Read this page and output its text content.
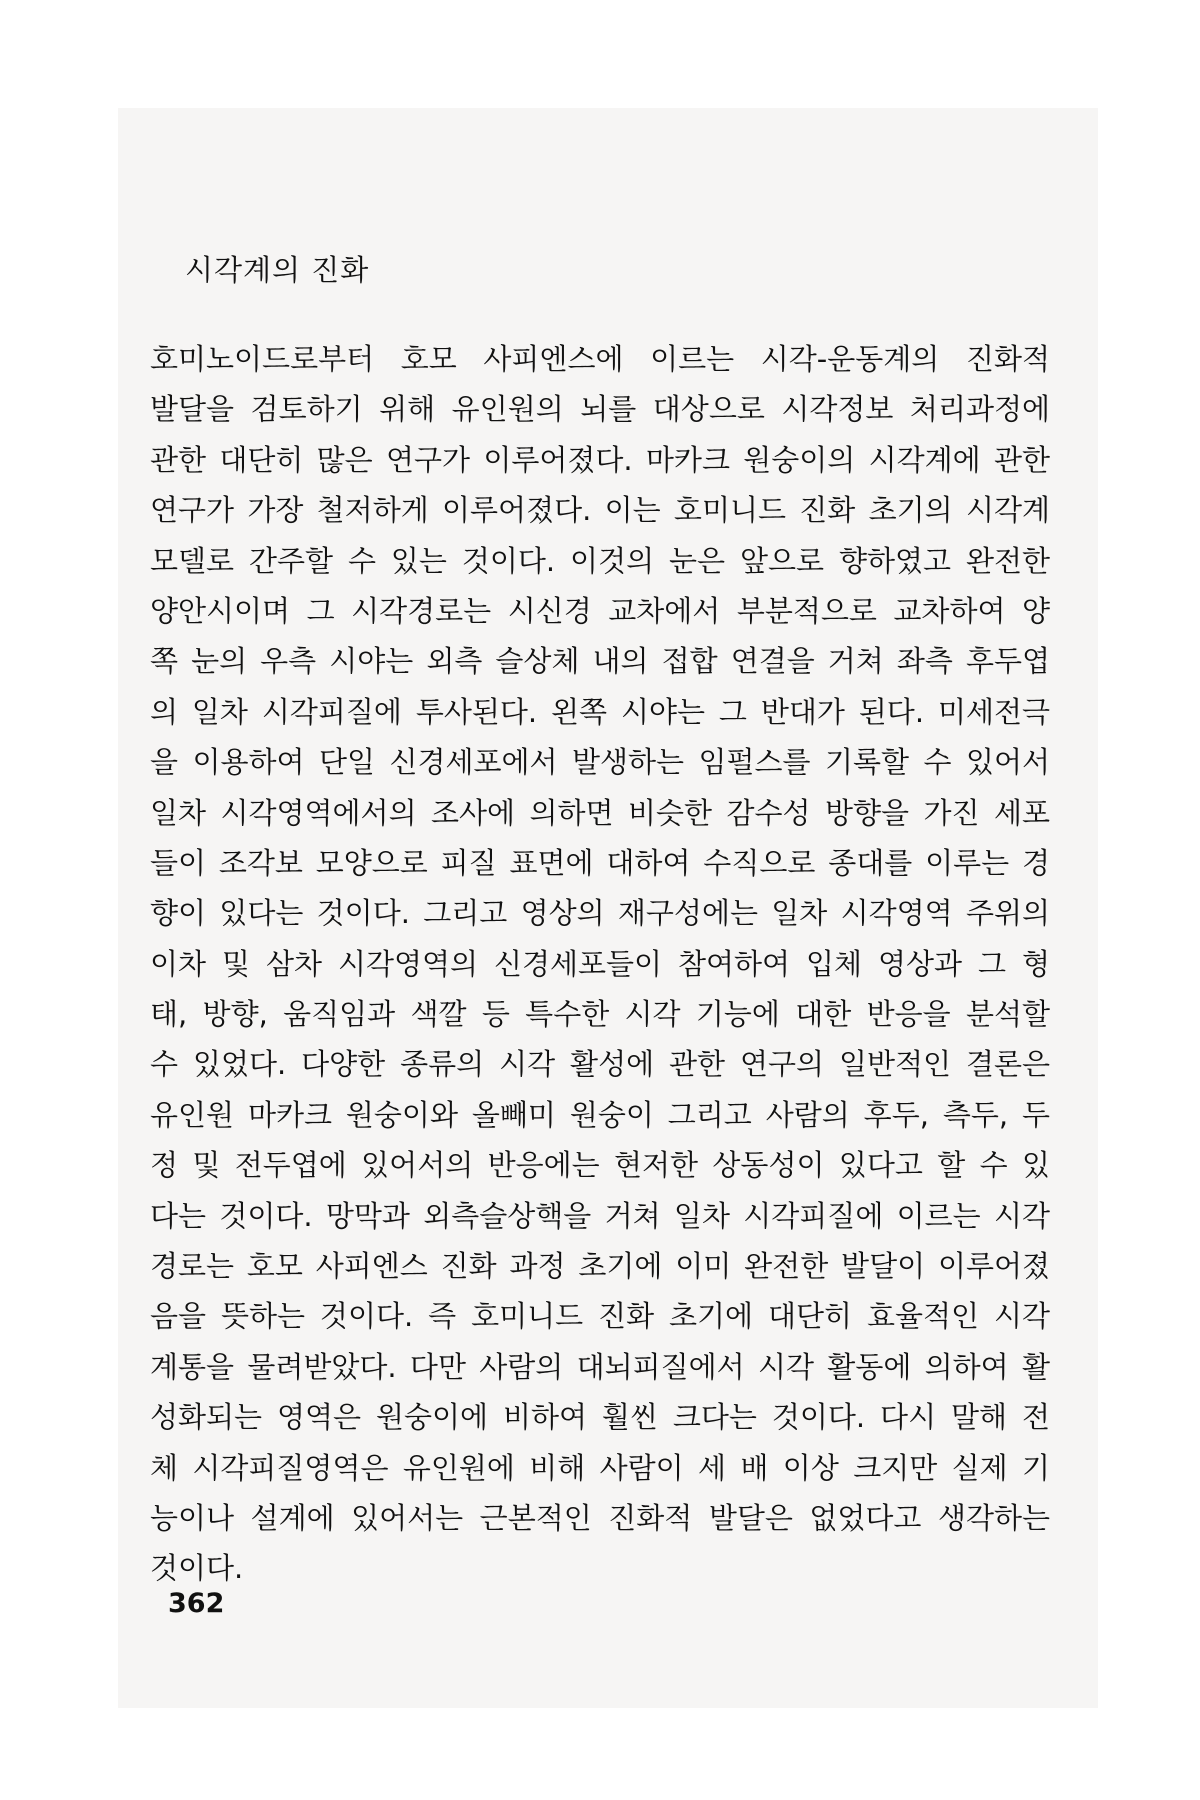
시각계의 진화
호미노이드로부터 호모 사피엔스에 이르는 시각-운동계의 진화적
발달을 검토하기 위해 유인원의 뇌를 대상으로 시각정보 처리과정에
관한 대단히 많은 연구가 이루어졌다. 마카크 원숭이의 시각계에 관한
연구가 가장 철저하게 이루어졌다. 이는 호미니드 진화 초기의 시각계
모델로 간주할 수 있는 것이다. 이것의 눈은 앞으로 향하였고 완전한
양안시이며 그 시각경로는 시신경 교차에서 부분적으로 교차하여 양
쪽 눈의 우측 시야는 외측 슬상체 내의 접합 연결을 거쳐 좌측 후두엽
의 일차 시각피질에 투사된다. 왼쪽 시야는 그 반대가 된다. 미세전극
을 이용하여 단일 신경세포에서 발생하는 임펄스를 기록할 수 있어서
일차 시각영역에서의 조사에 의하면 비슷한 감수성 방향을 가진 세포
들이 조각보 모양으로 피질 표면에 대하여 수직으로 종대를 이루는 경
향이 있다는 것이다. 그리고 영상의 재구성에는 일차 시각영역 주위의
이차 및 삼차 시각영역의 신경세포들이 참여하여 입체 영상과 그 형
태, 방향, 움직임과 색깔 등 특수한 시각 기능에 대한 반응을 분석할
수 있었다. 다양한 종류의 시각 활성에 관한 연구의 일반적인 결론은
유인원 마카크 원숭이와 올빼미 원숭이 그리고 사람의 후두, 측두, 두
정 및 전두엽에 있어서의 반응에는 현저한 상동성이 있다고 할 수 있
다는 것이다. 망막과 외측슬상핵을 거쳐 일차 시각피질에 이르는 시각
경로는 호모 사피엔스 진화 과정 초기에 이미 완전한 발달이 이루어졌
음을 뜻하는 것이다. 즉 호미니드 진화 초기에 대단히 효율적인 시각
계통을 물려받았다. 다만 사람의 대뇌피질에서 시각 활동에 의하여 활
성화되는 영역은 원숭이에 비하여 훨씬 크다는 것이다. 다시 말해 전
체 시각피질영역은 유인원에 비해 사람이 세 배 이상 크지만 실제 기
능이나 설계에 있어서는 근본적인 진화적 발달은 없었다고 생각하는
것이다.

362
